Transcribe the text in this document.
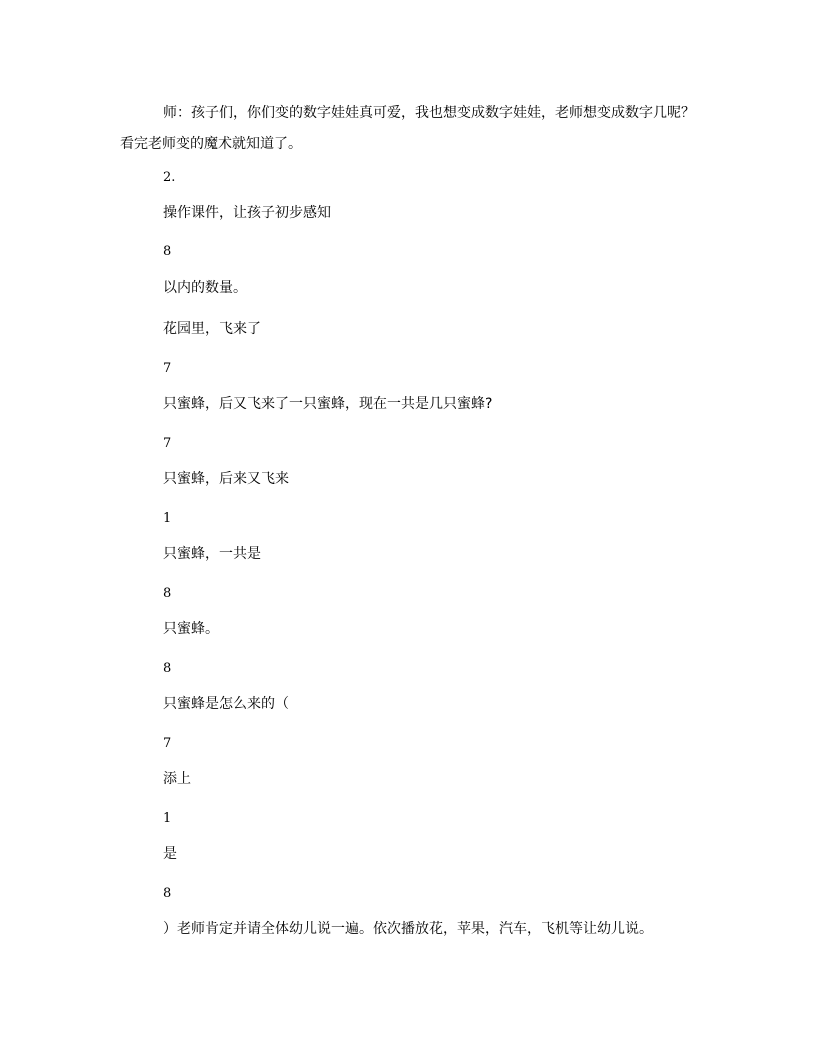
师：孩子们，你们变的数字娃娃真可爱，我也想变成数字娃娃，老师想变成数字几呢？看完老师变的魔术就知道了。
2.
操作课件，让孩子初步感知
8
以内的数量。
花园里，飞来了
7
只蜜蜂，后又飞来了一只蜜蜂，现在一共是几只蜜蜂?
7
只蜜蜂，后来又飞来
1
只蜜蜂，一共是
8
只蜜蜂。
8
只蜜蜂是怎么来的（
7
添上
1
是
8
）老师肯定并请全体幼儿说一遍。依次播放花，苹果，汽车，飞机等让幼儿说。
